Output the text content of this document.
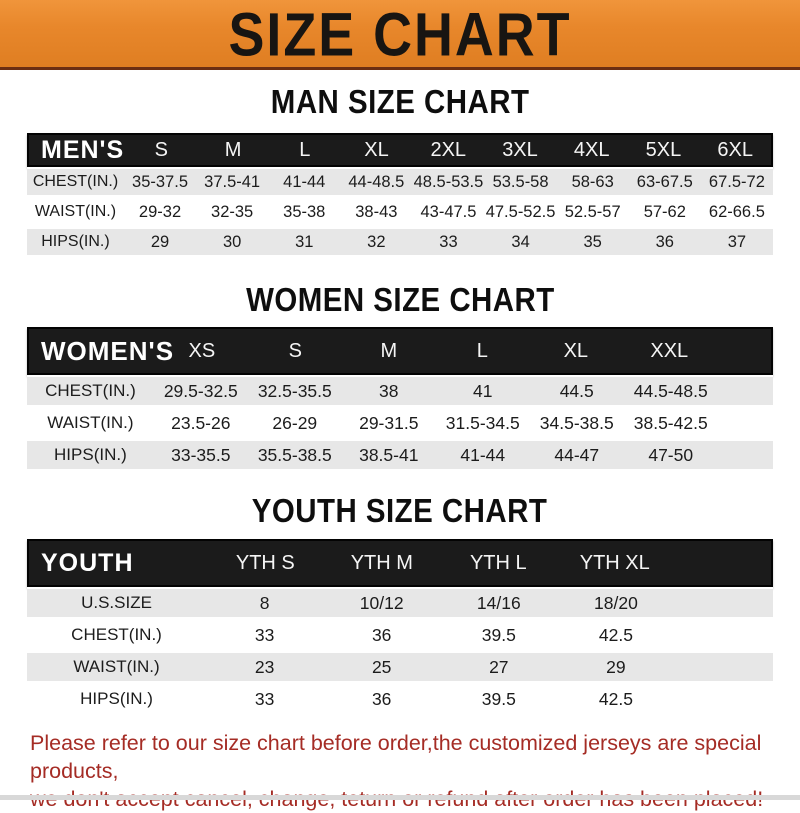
SIZE CHART
MAN SIZE CHART
MEN'S	S	M	L	XL	2XL	3XL	4XL	5XL	6XL
CHEST(IN.) 35-37.5 37.5-41	41-44	44-48.5 48.5-53.5 53.5-58	58-63	63-67.5 67.5-72
WAIST(IN.)	29-32	32-35	35-38	38-43	43-47.5 47.5-52.5 52.5-57	57-62	62-66.5
HIPS(IN.)	29	30	31	32	33	34	35	36	37
WOMEN SIZE CHART
WOMEN'S XS	S	M	L	XL	XXL
CHEST(IN.)	29.5-32.5	32.5-35.5	38	41	44.5	44.5-48.5
WAIST(IN.)	23.5-26	26-29	29-31.5	31.5-34.5	34.5-38.5	38.5-42.5
HIPS(IN.)	33-35.5	35.5-38.5	38.5-41	41-44	44-47	47-50
YOUTH SIZE CHART
YOUTH	YTH S	YTH M	YTH L	YTH XL
U.S.SIZE	8	10/12	14/16	18/20
CHEST(IN.)	33	36	39.5	42.5
WAIST(IN.)	23	25	27	29
HIPS(IN.)	33	36	39.5	42.5
Please refer to our size chart before order,the customized jerseys are special products,
